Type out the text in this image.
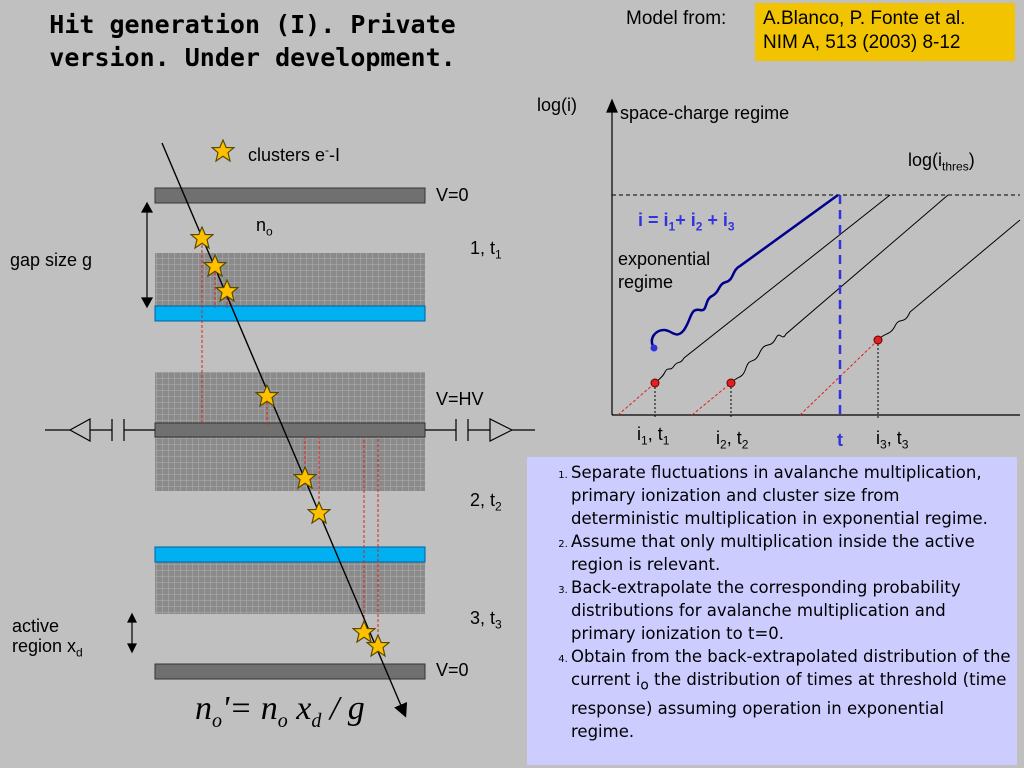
Hit generation (I). Private
version. Under development.
Model from: A.Blanco, P. Fonte et al.
NIM A, 513 (2003) 8-12
clusters e--I
V=0
V=HV
V=0
$n_o$
1, $t_1$
2, $t_2$
3, $t_3$
gap size g
active
region $x_d$
log(i) space-charge regime
$\log(i_{thres})$
$i = i_1+ i_2 + i_3$
exponential
regime
$i_1$, $t_1$	$i_2$, $t_2$	t $i_3$, $t_3$
1. Separate fluctuations in avalanche multiplication, primary ionization and cluster size from deterministic multiplication in exponential regime.
2. Assume that only multiplication inside the active region is relevant.
3. Back-extrapolate the corresponding probability distributions for avalanche multiplication and primary ionization to t=0.
4. Obtain from the back-extrapolated distribution of the current $i_o$ the distribution of times at threshold (time response) assuming operation in exponential regime.
$n_o'= n_o$ $x_d$ / g
